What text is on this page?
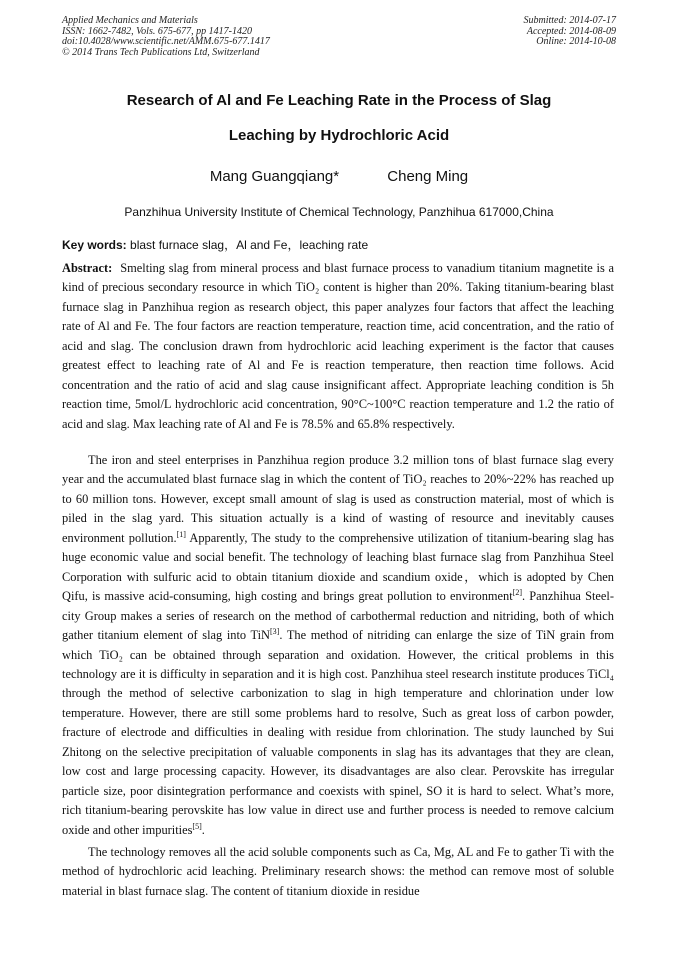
Applied Mechanics and Materials
ISSN: 1662-7482, Vols. 675-677, pp 1417-1420
doi:10.4028/www.scientific.net/AMM.675-677.1417
© 2014 Trans Tech Publications Ltd, Switzerland
Submitted: 2014-07-17
Accepted: 2014-08-09
Online: 2014-10-08
Research of Al and Fe Leaching Rate in the Process of Slag
Leaching by Hydrochloric Acid
Mang Guangqiang*	Cheng Ming
Panzhihua University Institute of Chemical Technology, Panzhihua 617000,China
Key words: blast furnace slag，Al and Fe，leaching rate

Abstract: Smelting slag from mineral process and blast furnace process to vanadium titanium magnetite is a kind of precious secondary resource in which TiO₂ content is higher than 20%. Taking titanium-bearing blast furnace slag in Panzhihua region as research object, this paper analyzes four factors that affect the leaching rate of Al and Fe. The four factors are reaction temperature, reaction time, acid concentration, and the ratio of acid and slag. The conclusion drawn from hydrochloric acid leaching experiment is the factor that causes greatest effect to leaching rate of Al and Fe is reaction temperature, then reaction time follows. Acid concentration and the ratio of acid and slag cause insignificant affect. Appropriate leaching condition is 5h reaction time, 5mol/L hydrochloric acid concentration, 90°C~100°C reaction temperature and 1.2 the ratio of acid and slag. Max leaching rate of Al and Fe is 78.5% and 65.8% respectively.

The iron and steel enterprises in Panzhihua region produce 3.2 million tons of blast furnace slag every year and the accumulated blast furnace slag in which the content of TiO₂ reaches to 20%~22% has reached up to 60 million tons. However, except small amount of slag is used as construction material, most of which is piled in the slag yard. This situation actually is a kind of wasting of resource and inevitably causes environment pollution.[1] Apparently, The study to the comprehensive utilization of titanium-bearing slag has huge economic value and social benefit. The technology of leaching blast furnace slag from Panzhihua Steel Corporation with sulfuric acid to obtain titanium dioxide and scandium oxide，which is adopted by Chen Qifu, is massive acid-consuming, high costing and brings great pollution to environment[2]. Panzhihua Steel-city Group makes a series of research on the method of carbothermal reduction and nitriding, both of which gather titanium element of slag into TiN[3]. The method of nitriding can enlarge the size of TiN grain from which TiO₂ can be obtained through separation and oxidation. However, the critical problems in this technology are it is difficulty in separation and it is high cost. Panzhihua steel research institute produces TiCl₄ through the method of selective carbonization to slag in high temperature and chlorination under low temperature. However, there are still some problems hard to resolve, Such as great loss of carbon powder, fracture of electrode and difficulties in dealing with residue from chlorination. The study launched by Sui Zhitong on the selective precipitation of valuable components in slag has its advantages that they are clean, low cost and large processing capacity. However, its disadvantages are also clear. Perovskite has irregular particle size, poor disintegration performance and coexists with spinel, SO it is hard to select. What’s more, rich titanium-bearing perovskite has low value in direct use and further process is needed to remove calcium oxide and other impurities[5].

The technology removes all the acid soluble components such as Ca, Mg, AL and Fe to gather Ti with the method of hydrochloric acid leaching. Preliminary research shows: the method can remove most of soluble material in blast furnace slag. The content of titanium dioxide in residue
